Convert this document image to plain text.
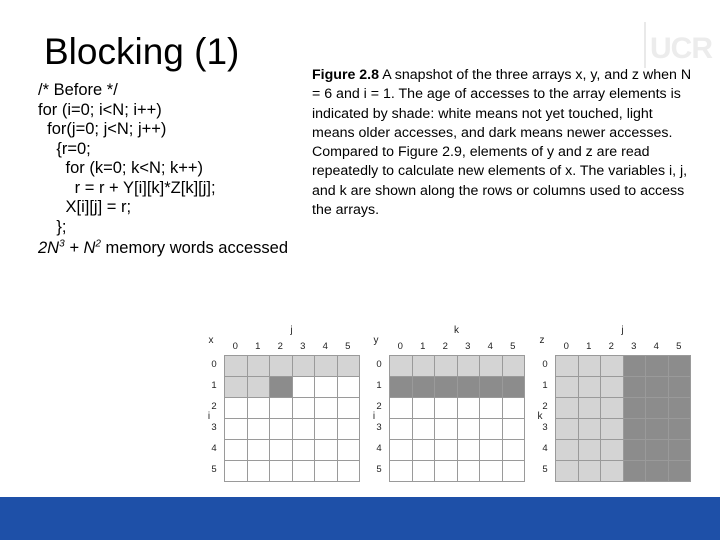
Blocking (1)	UCR
/* Before */
for (i=0; i<N; i++)
for(j=0; j<N; j++)
{r=0;
for (k=0; k<N; k++)
r = r + Y[i][k]*Z[k][j];
X[i][j] = r;
};
$2N^3 + N^2$ memory words accessed
Figure 2.8 A snapshot of the three arrays x, y, and z when N = 6 and i = 1. The age of accesses to the array elements is indicated by shade: white means not yet touched, light means older accesses, and dark means newer accesses. Compared to Figure 2.9, elements of y and z are read repeatedly to calculate new elements of x. The variables i, j, and k are shown along the rows or columns used to access the arrays.
j
x
i
0	1	2	3	4	5
0
1
2
3
4
5
k
y
i
0	1	2	3	4	5
0
1
2
3
4
5
j
z
k
0	1	2	3	4	5
0
1
2
3
4
5
